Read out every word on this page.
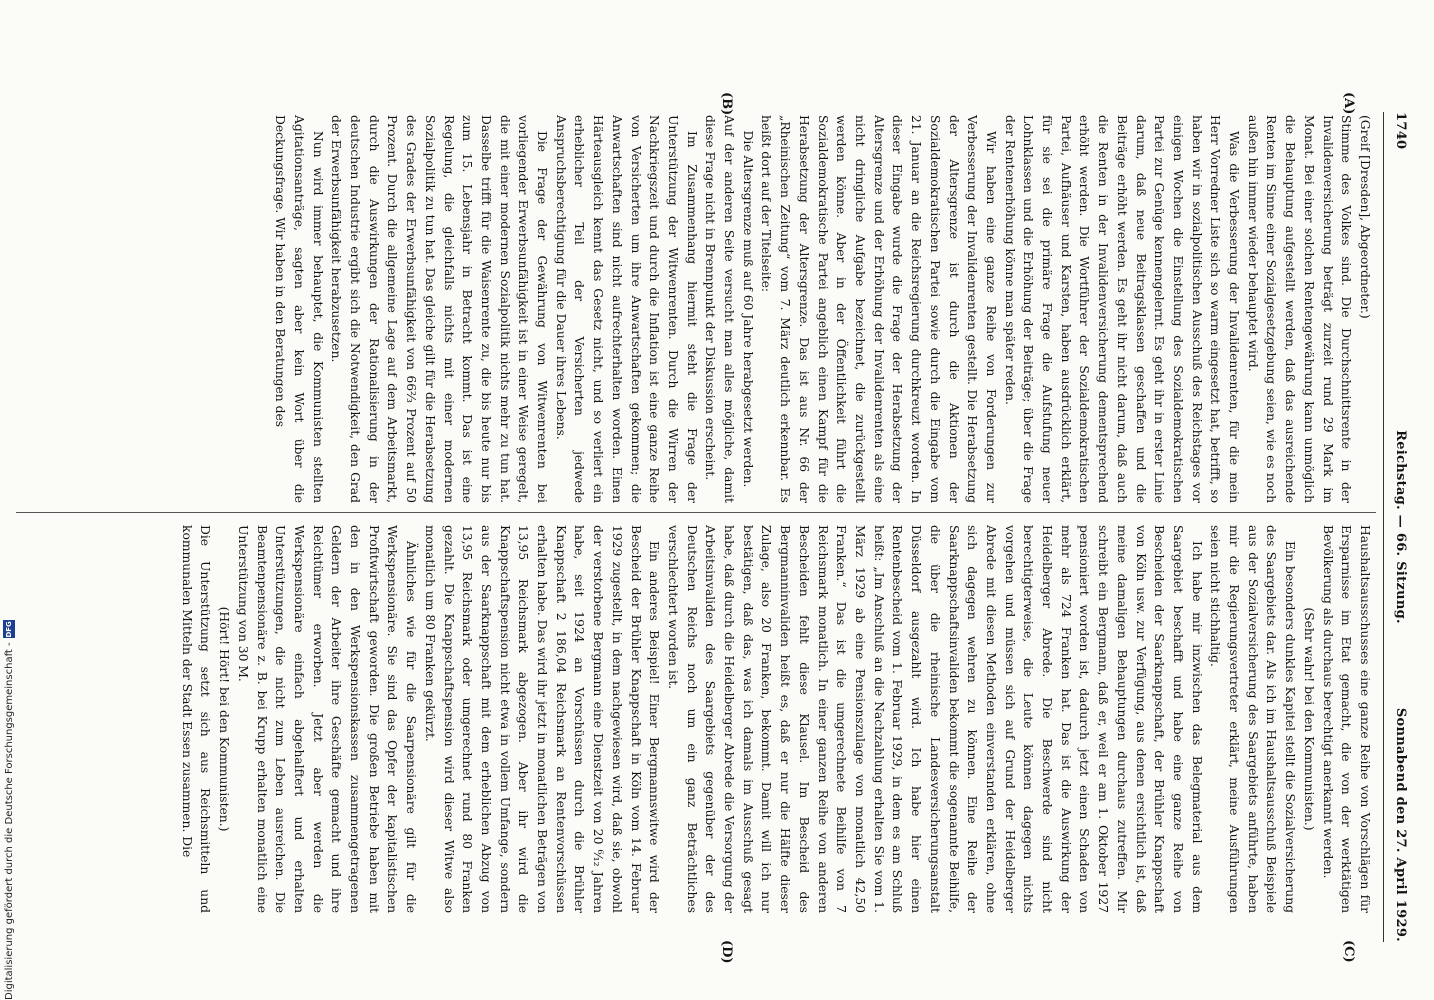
1740
Reichstag. — 66. Sitzung.
Sonnabend den 27. April 1929.
(A)
(B)
(C)
(D)

(Greif [Dresden], Abgeordneter.)

Stimme des Volkes sind. Die Durchschnittsrente in der Invalidenversicherung beträgt zurzeit rund 29 Mark im Monat. Bei einer solchen Rentengewährung kann unmöglich die Behauptung aufgestellt werden, daß das ausreichende Renten im Sinne einer Sozialgesetzgebung seien, wie es noch außen hin immer wieder behauptet wird.

Was die Verbesserung der Invalidenrenten, für die mein Herr Vorredner Liste sich so warm eingesetzt hat, betrifft, so haben wir in sozialpolitischen Ausschuß des Reichstages vor einigen Wochen die Einstellung des Sozialdemokratischen Partei zur Genüge kennengelernt. Es geht ihr in erster Linie darum, daß neue Beitragsklassen geschaffen und die Beiträge erhöht werden. Es geht ihr nicht darum, daß auch die Renten in der Invalidenversicherung dementsprechend erhöht werden. Die Wortführer der Sozialdemokratischen Partei, Aufhäuser und Karsten, haben ausdrücklich erklärt, für sie sei die primäre Frage die Aufstufung neuer Lohnklassen und die Erhöhung der Beiträge; über die Frage der Rentenerhöhung könne man später reden.

Wir haben eine ganze Reihe von Forderungen zur Verbesserung der Invalidenrenten gestellt. Die Herabsetzung der Altersgrenze ist durch die Aktionen der Sozialdemokratischen Partei sowie durch die Eingabe vom 21. Januar an die Reichsregierung durchkreuzt worden. In dieser Eingabe wurde die Frage der Herabsetzung der Altersgrenze und der Erhöhung der Invalidenrenten als eine nicht dringliche Aufgabe bezeichnet, die zurückgestellt werden könne. Aber in der Öffentlichkeit führt die Sozialdemokratische Partei angeblich einen Kampf für die Herabsetzung der Altersgrenze. Das ist aus Nr. 66 der „Rheinischen Zeitung“ vom 7. März deutlich erkennbar. Es heißt dort auf der Titelseite:

Die Altersgrenze muß auf 60 Jahre herabgesetzt werden.

Auf der anderen Seite versucht man alles mögliche, damit diese Frage nicht in Brennpunkt der Diskussion erscheint.

Im Zusammenhang hiermit steht die Frage der Unterstützung der Witwenrenten. Durch die Wirren der Nachkriegszeit und durch die Inflation ist eine ganze Reihe von Versicherten um ihre Anwartschaften gekommen; die Anwartschaften sind nicht aufrechterhalten worden. Einen Härteausgleich kennt das Gesetz nicht, und so verliert ein erheblicher Teil der Versicherten jedwede Anspruchsberechtigung für die Dauer ihres Lebens.

Die Frage der Gewährung von Witwenrenten bei vorliegender Erwerbsunfähigkeit ist in einer Weise geregelt, die mit einer modernen Sozialpolitik nichts mehr zu tun hat. Dasselbe trifft für die Waisenrente zu, die bis heute nur bis zum 15. Lebensjahr in Betracht kommt. Das ist eine Regelung, die gleichfalls nichts mit einer modernen Sozialpolitik zu tun hat. Das gleiche gilt für die Herabsetzung des Grades der Erwerbsunfähigkeit von 66⅔ Prozent auf 50 Prozent. Durch die allgemeine Lage auf dem Arbeitsmarkt, durch die Auswirkungen der Rationalisierung in der deutschen Industrie ergibt sich die Notwendigkeit, den Grad der Erwerbsunfähigkeit herabzusetzen.

Nun wird immer behauptet, die Kommunisten stellten Agitationsanträge, sagten aber kein Wort über die Deckungsfrage. Wir haben in den Beratungen des

Haushaltsausschusses eine ganze Reihe von Vorschlägen für Ersparnisse im Etat gemacht, die von der werktätigen Bevölkerung als durchaus berechtigt anerkannt werden.

(Sehr wahr! bei den Kommunisten.)

Ein besonders dunkles Kapitel stellt die Sozialversicherung des Saargebiets dar. Als ich im Haushaltsausschuß Beispiele aus der Sozialversicherung des Saargebiets anführte, haben mir die Regierungsvertreter erklärt, meine Ausführungen seien nicht stichhaltig.

Ich habe mir inzwischen das Belegmaterial aus dem Saargebiet beschafft und habe eine ganze Reihe von Bescheiden der Saarknappschaft, der Brühler Knappschaft von Köln usw. zur Verfügung, aus denen ersichtlich ist, daß meine damaligen Behauptungen durchaus zutreffen. Mir schreibt ein Bergmann, daß er, weil er am 1. Oktober 1927 pensioniert worden ist, dadurch jetzt einen Schaden von mehr als 724 Franken hat. Das ist die Auswirkung der Heidelberger Abrede. Die Beschwerde sind nicht berechtigterweise, die Leute können dagegen nichts vorgehen und müssen sich auf Grund der Heidelberger Abrede mit diesen Methoden einverstanden erklären, ohne sich dagegen wehren zu können. Eine Reihe der Saarknappschaftsinvaliden bekommt die sogenannte Beihilfe, die über die rheinische Landesversicherungsanstalt Düsseldorf ausgezahlt wird. Ich habe hier einen Rentenbescheid vom 1. Februar 1929, in dem es am Schluß heißt: „Im Anschluß an die Nachzahlung erhalten Sie vom 1. März 1929 ab eine Pensionszulage von monatlich 42,50 Franken.“ Das ist die umgerechnete Beihilfe von 7 Reichsmark monatlich. In einer ganzen Reihe von anderen Bescheiden fehlt diese Klausel. Im Bescheid des Bergmanninvaliden heißt es, daß er nur die Hälfte dieser Zulage, also 20 Franken, bekommt. Damit will ich nur bestätigen, daß das, was ich damals im Ausschuß gesagt habe, daß durch die Heidelberger Abrede die Versorgung der Arbeitsinvaliden des Saargebiets gegenüber der des Deutschen Reichs noch um ein ganz Beträchtliches verschlechtert worden ist.

Ein anderes Beispiel! Einer Bergmannswitwe wird der Bescheid der Brühler Knappschaft in Köln vom 14. Februar 1929 zugestellt, in dem nachgewiesen wird, daß sie, obwohl der verstorbene Bergmann eine Dienstzeit von 20 ⁶⁄₁₂ Jahren habe, seit 1924 an Vorschüssen durch die Brühler Knappschaft 2 186,04 Reichsmark an Rentenvorschüssen erhalten habe. Das wird ihr jetzt in monatlichen Beträgen von 13,95 Reichsmark abgezogen. Aber ihr wird die Knappschaftspension nicht etwa in vollem Umfange, sondern aus der Saarknappschaft mit dem erheblichen Abzug von 13,95 Reichsmark oder umgerechnet rund 80 Franken gezahlt. Die Knappschaftspension wird dieser Witwe also monatlich um 80 Franken gekürzt.

Ähnliches wie für die Saarpensionäre gilt für die Werkspensionäre. Sie sind das Opfer der kapitalistischen Profitwirtschaft geworden. Die großen Betriebe haben mit den in den Werkspensionskassen zusammengetragenen Geldern der Arbeiter ihre Geschäfte gemacht und ihre Reichtümer erworben. Jetzt aber werden die Werkspensionäre einfach abgehalftert und erhalten Unterstützungen, die nicht zum Leben ausreichen. Die Beamtenpensionäre z. B. bei Krupp erhalten monatlich eine Unterstützung von 30 M.

(Hört! Hört! bei den Kommunisten.)

Die Unterstützung setzt sich aus Reichsmitteln und kommunalen Mitteln der Stadt Essen zusammen. Die

Digitalisierung gefördert durch die Deutsche Forschungsgemeinschaft -
DFG
